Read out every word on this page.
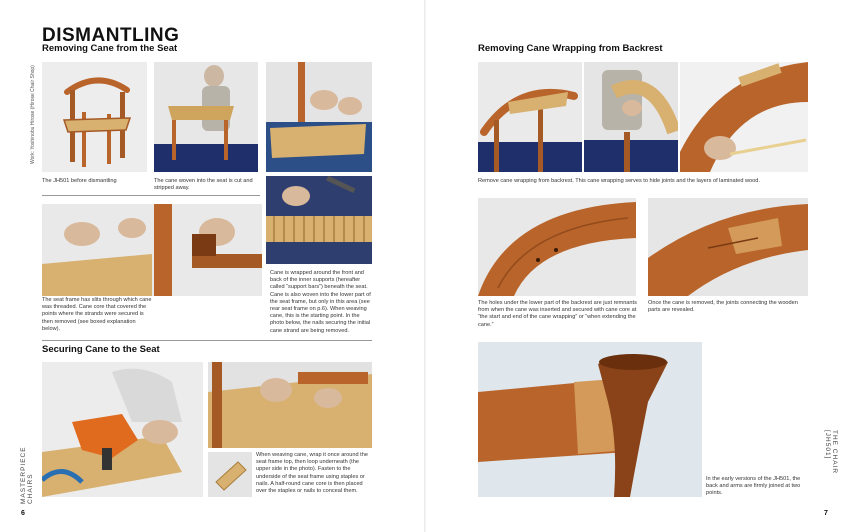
DISMANTLING
Removing Cane from the Seat
Work: Yoshinobu Hirose (Hirose Chair Shop)
The JH501 before dismantling	The cane woven into the seat is cut and stripped away.
Cane is wrapped around the front and back of the inner supports (hereafter called “support bars”) beneath the seat. Cane is also woven into the lower part of the seat frame, but only in this area (see rear seat frame on p.6). When weaving cane, this is the starting point. In the photo below, the nails securing the initial cane strand are being removed.
The seat frame has slits through which cane was threaded. Cane core that covered the points where the strands were secured is then removed (see boxed explanation below).
Securing Cane to the Seat
When weaving cane, wrap it once around the seat frame top, then loop underneath (the upper side in the photo). Fasten to the underside of the seat frame using staples or nails. A half-round cane core is then placed over the staples or nails to conceal them.
MASTERPIECE CHAIRS
6
Removing Cane Wrapping from Backrest
Remove cane wrapping from backrest. This cane wrapping serves to hide joints and the layers of laminated wood.
The holes under the lower part of the backrest are just remnants from when the cane was inserted and secured with cane core at “the start and end of the cane wrapping” or “when extending the cane.”
Once the cane is removed, the joints connecting the wooden parts are revealed.
In the early versions of the JH501, the back and arms are firmly joined at two points.
THE CHAIR [JH501]
7
